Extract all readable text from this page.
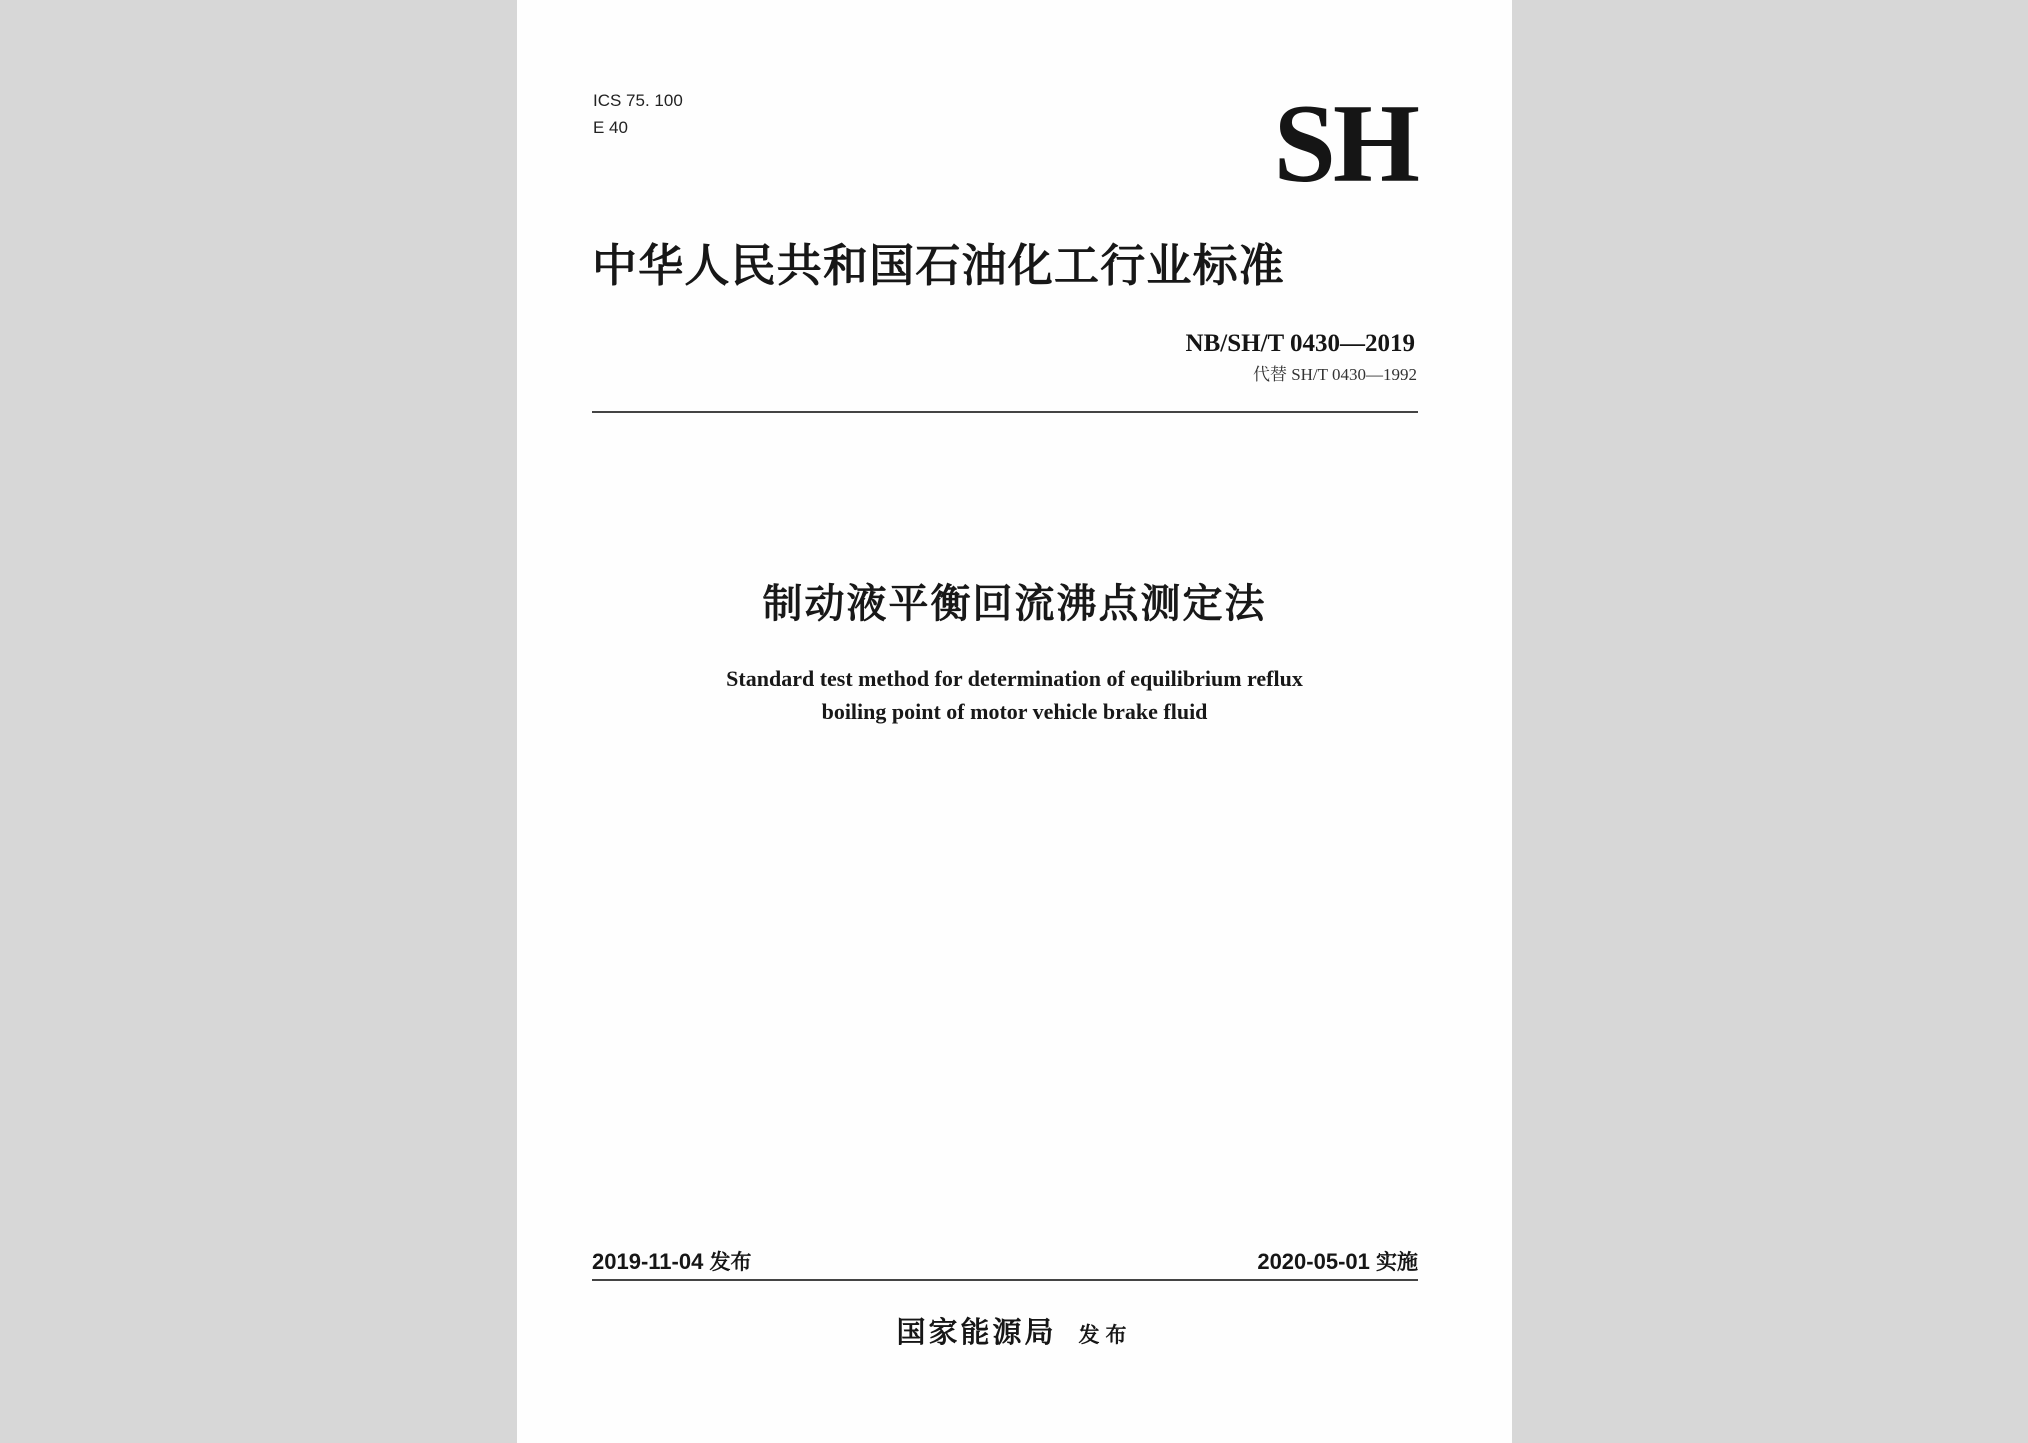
ICS 75. 100
E 40	SH
中华人民共和国石油化工行业标准
NB/SH/T 0430—2019
代替 SH/T 0430—1992
制动液平衡回流沸点测定法
Standard test method for determination of equilibrium reflux
boiling point of motor vehicle brake fluid
2019-11-04 发布	2020-05-01 实施
国家能源局 发布
